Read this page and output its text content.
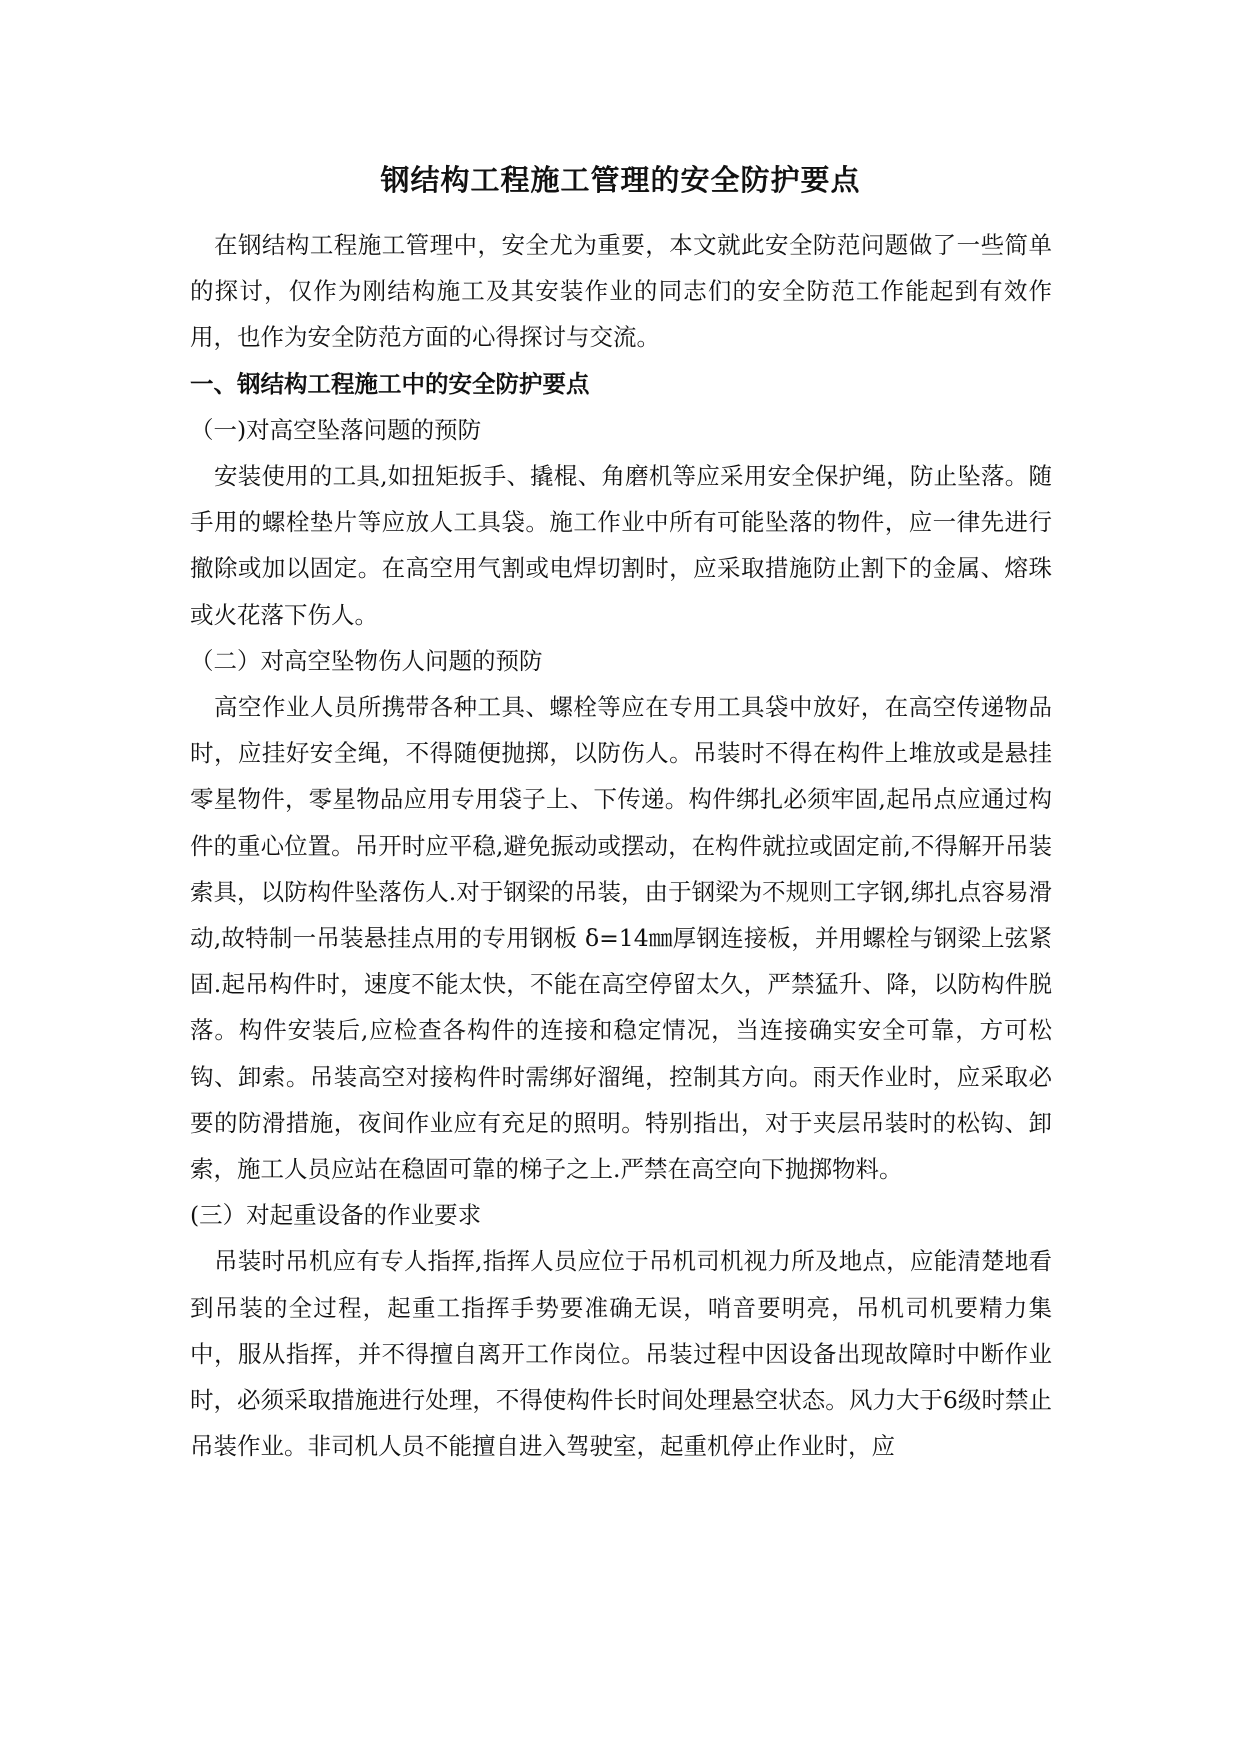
钢结构工程施工管理的安全防护要点

在钢结构工程施工管理中，安全尤为重要，本文就此安全防范问题做了一些简单的探讨，仅作为刚结构施工及其安装作业的同志们的安全防范工作能起到有效作用，也作为安全防范方面的心得探讨与交流。

一、钢结构工程施工中的安全防护要点

（一)对高空坠落问题的预防

安装使用的工具,如扭矩扳手、撬棍、角磨机等应采用安全保护绳，防止坠落。随手用的螺栓垫片等应放人工具袋。施工作业中所有可能坠落的物件，应一律先进行撤除或加以固定。在高空用气割或电焊切割时，应采取措施防止割下的金属、熔珠或火花落下伤人。

（二）对高空坠物伤人问题的预防

高空作业人员所携带各种工具、螺栓等应在专用工具袋中放好，在高空传递物品时，应挂好安全绳，不得随便抛掷，以防伤人。吊装时不得在构件上堆放或是悬挂零星物件，零星物品应用专用袋子上、下传递。构件绑扎必须牢固,起吊点应通过构件的重心位置。吊开时应平稳,避免振动或摆动，在构件就拉或固定前,不得解开吊装索具，以防构件坠落伤人.对于钢梁的吊装，由于钢梁为不规则工字钢,绑扎点容易滑动,故特制一吊装悬挂点用的专用钢板 δ=14㎜厚钢连接板，并用螺栓与钢梁上弦紧固.起吊构件时，速度不能太快，不能在高空停留太久，严禁猛升、降，以防构件脱落。构件安装后,应检查各构件的连接和稳定情况，当连接确实安全可靠，方可松钩、卸索。吊装高空对接构件时需绑好溜绳，控制其方向。雨天作业时，应采取必要的防滑措施，夜间作业应有充足的照明。特别指出，对于夹层吊装时的松钩、卸索，施工人员应站在稳固可靠的梯子之上.严禁在高空向下抛掷物料。

(三）对起重设备的作业要求

吊装时吊机应有专人指挥,指挥人员应位于吊机司机视力所及地点，应能清楚地看到吊装的全过程，起重工指挥手势要准确无误，哨音要明亮，吊机司机要精力集中，服从指挥，并不得擅自离开工作岗位。吊装过程中因设备出现故障时中断作业时，必须采取措施进行处理，不得使构件长时间处理悬空状态。风力大于6级时禁止吊装作业。非司机人员不能擅自进入驾驶室，起重机停止作业时，应
